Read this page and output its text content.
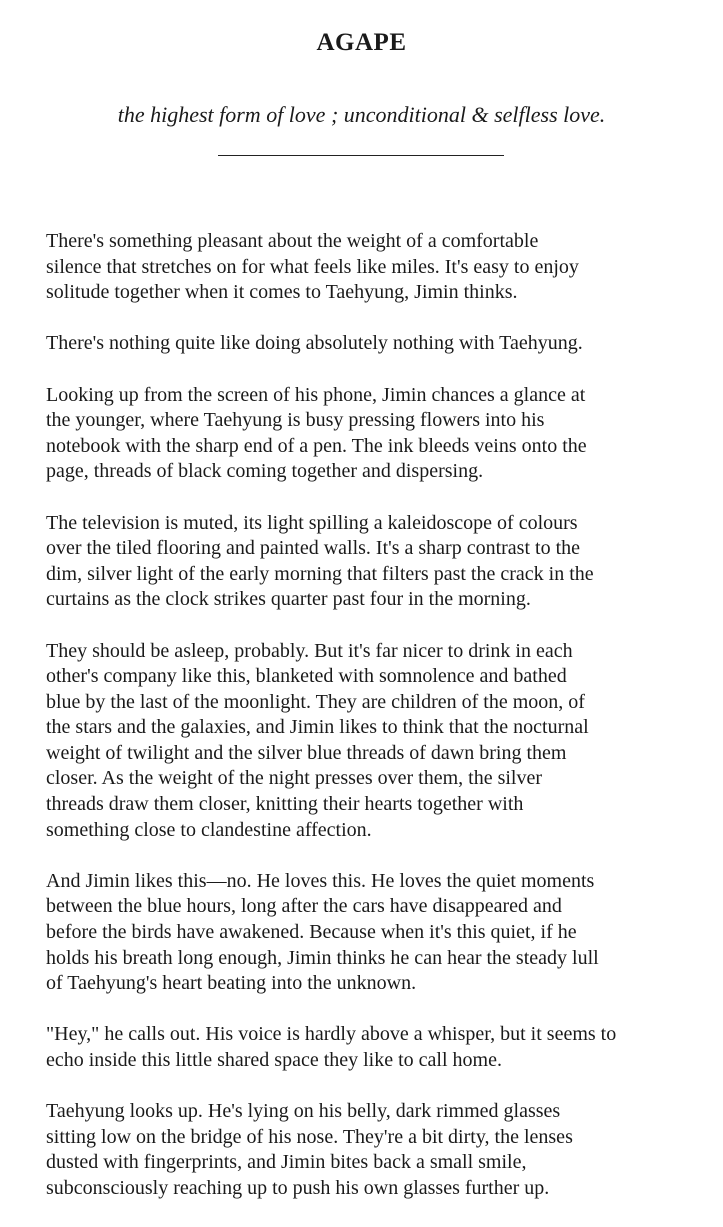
AGAPE

the highest form of love ; unconditional & selfless love.

There's something pleasant about the weight of a comfortable
silence that stretches on for what feels like miles. It's easy to enjoy
solitude together when it comes to Taehyung, Jimin thinks.

There's nothing quite like doing absolutely nothing with Taehyung.

Looking up from the screen of his phone, Jimin chances a glance at
the younger, where Taehyung is busy pressing flowers into his
notebook with the sharp end of a pen. The ink bleeds veins onto the
page, threads of black coming together and dispersing.

The television is muted, its light spilling a kaleidoscope of colours
over the tiled flooring and painted walls. It's a sharp contrast to the
dim, silver light of the early morning that filters past the crack in the
curtains as the clock strikes quarter past four in the morning.

They should be asleep, probably. But it's far nicer to drink in each
other's company like this, blanketed with somnolence and bathed
blue by the last of the moonlight. They are children of the moon, of
the stars and the galaxies, and Jimin likes to think that the nocturnal
weight of twilight and the silver blue threads of dawn bring them
closer. As the weight of the night presses over them, the silver
threads draw them closer, knitting their hearts together with
something close to clandestine affection.

And Jimin likes this—no. He loves this. He loves the quiet moments
between the blue hours, long after the cars have disappeared and
before the birds have awakened. Because when it's this quiet, if he
holds his breath long enough, Jimin thinks he can hear the steady lull
of Taehyung's heart beating into the unknown.

"Hey," he calls out. His voice is hardly above a whisper, but it seems to
echo inside this little shared space they like to call home.

Taehyung looks up. He's lying on his belly, dark rimmed glasses
sitting low on the bridge of his nose. They're a bit dirty, the lenses
dusted with fingerprints, and Jimin bites back a small smile,
subconsciously reaching up to push his own glasses further up.
